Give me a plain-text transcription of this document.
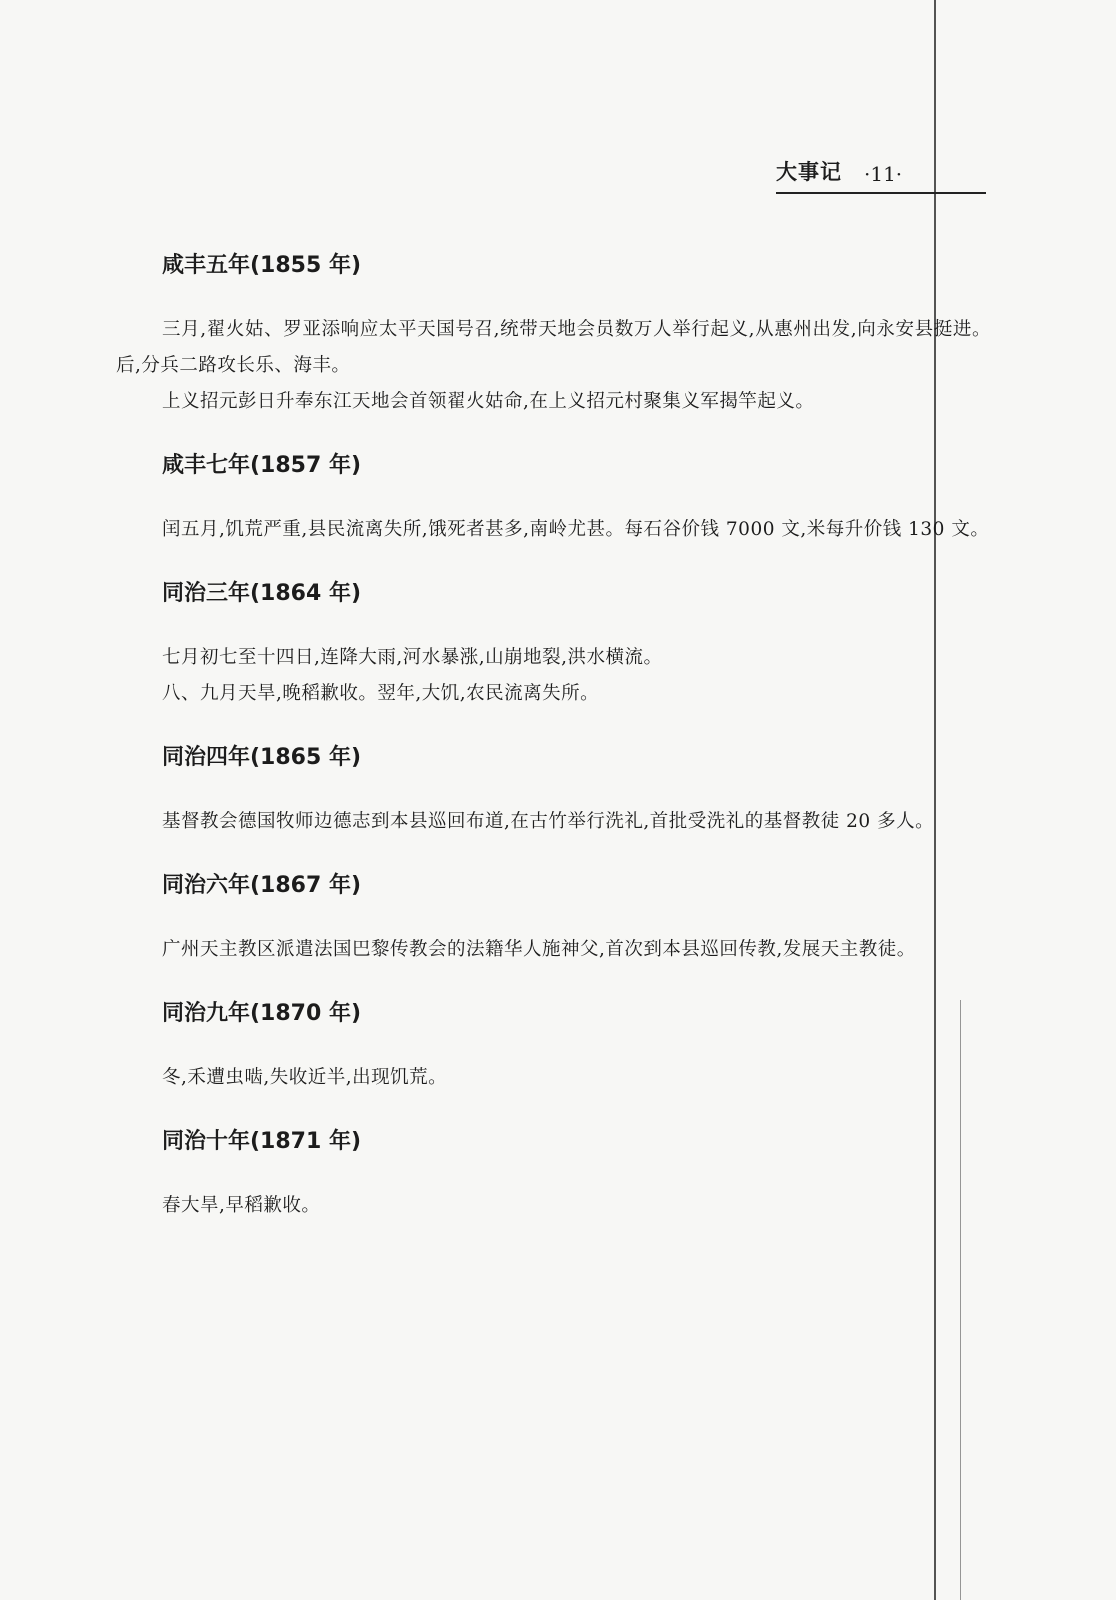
大事记 ·11·
咸丰五年(1855 年)

三月,翟火姑、罗亚添响应太平天国号召,统带天地会员数万人举行起义,从惠州出发,向永安县挺进。后,分兵二路攻长乐、海丰。

上义招元彭日升奉东江天地会首领翟火姑命,在上义招元村聚集义军揭竿起义。

咸丰七年(1857 年)

闰五月,饥荒严重,县民流离失所,饿死者甚多,南岭尤甚。每石谷价钱 7000 文,米每升价钱 130 文。

同治三年(1864 年)

七月初七至十四日,连降大雨,河水暴涨,山崩地裂,洪水横流。

八、九月天旱,晚稻歉收。翌年,大饥,农民流离失所。

同治四年(1865 年)

基督教会德国牧师边德志到本县巡回布道,在古竹举行洗礼,首批受洗礼的基督教徒 20 多人。

同治六年(1867 年)

广州天主教区派遣法国巴黎传教会的法籍华人施神父,首次到本县巡回传教,发展天主教徒。

同治九年(1870 年)

冬,禾遭虫啮,失收近半,出现饥荒。

同治十年(1871 年)

春大旱,早稻歉收。
